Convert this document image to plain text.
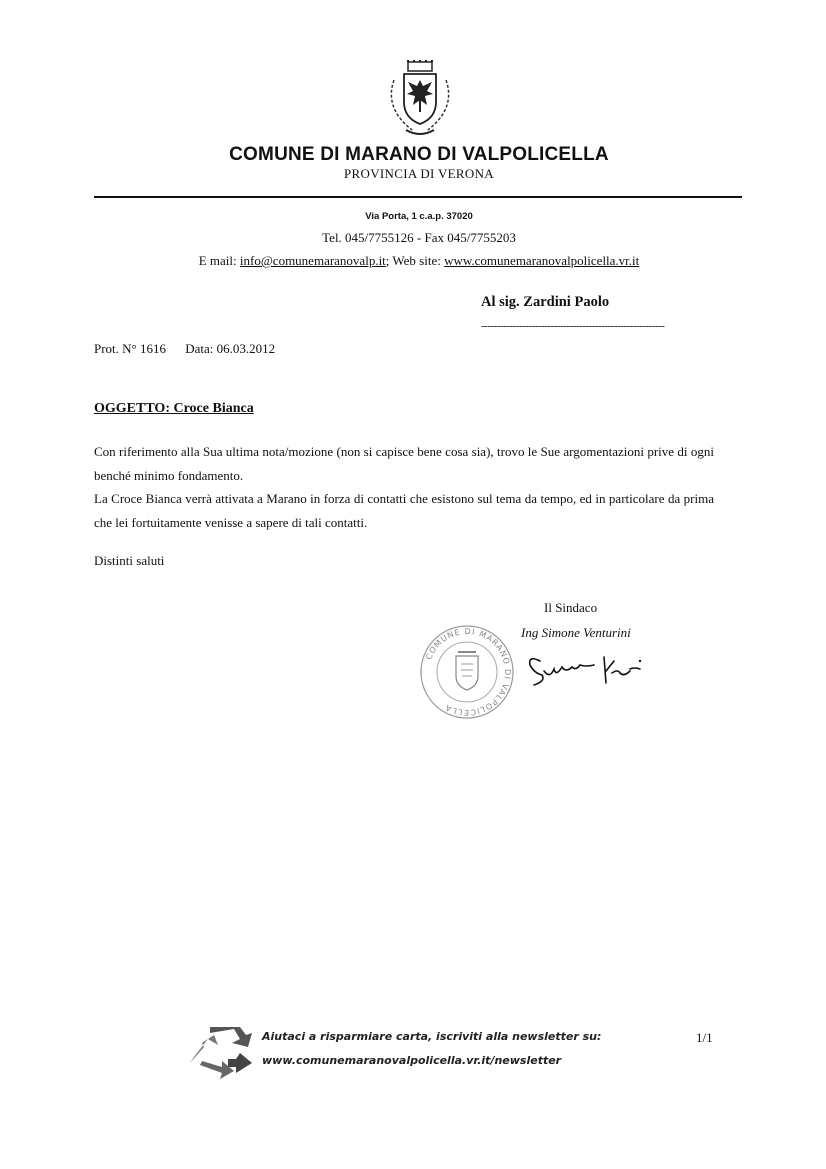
COMUNE DI MARANO DI VALPOLICELLA
PROVINCIA DI VERONA
Via Porta, 1 c.a.p. 37020
Tel. 045/7755126 - Fax 045/7755203
E mail: info@comunemaranovalp.it; Web site: www.comunemaranovalpolicella.vr.it
Al sig. Zardini Paolo
----------------------------------------------------------
Prot. N° 1616 Data: 06.03.2012
OGGETTO: Croce Bianca

Con riferimento alla Sua ultima nota/mozione (non si capisce bene cosa sia), trovo le Sue argomentazioni prive di ogni benché minimo fondamento.

La Croce Bianca verrà attivata a Marano in forza di contatti che esistono sul tema da tempo, ed in particolare da prima che lei fortuitamente venisse a sapere di tali contatti.

Distinti saluti
Il Sindaco
Ing Simone Venturini
COMUNE DI MARANO DI VALPOLICELLA
Aiutaci a risparmiare carta, iscriviti alla newsletter su:
www.comunemaranovalpolicella.vr.it/newsletter
1/1
